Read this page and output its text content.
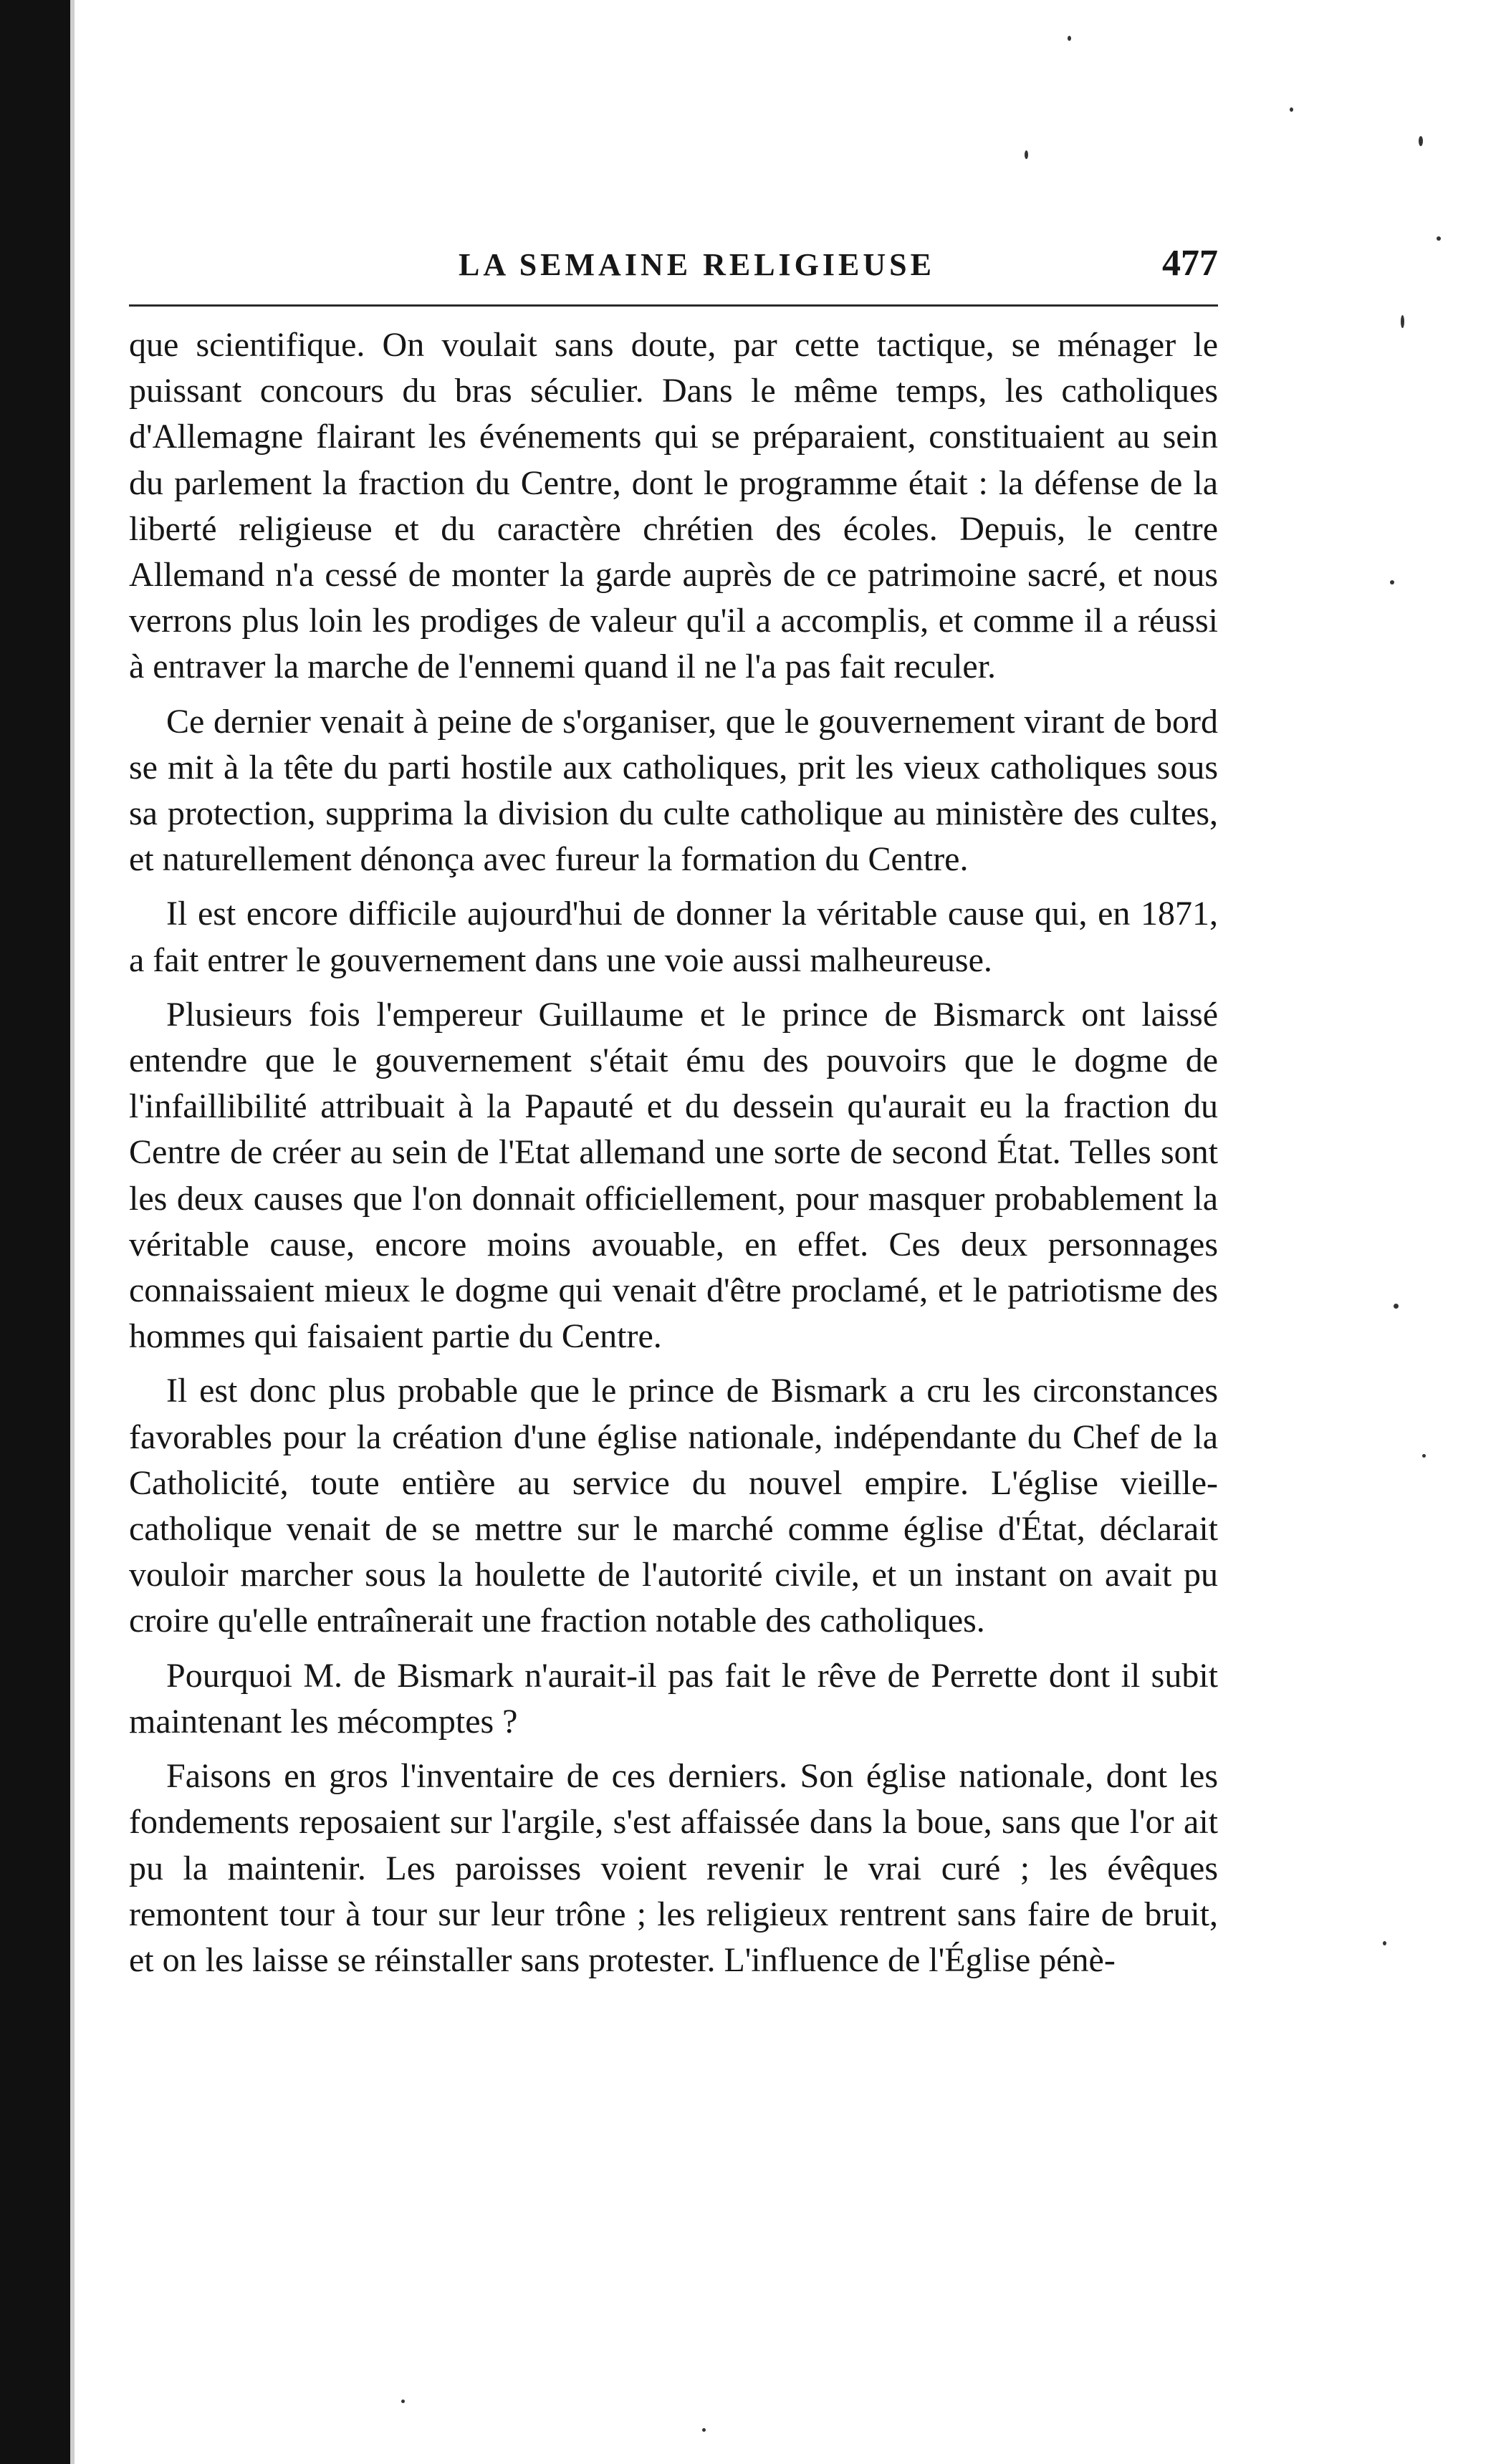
LA SEMAINE RELIGIEUSE	477

que scientifique. On voulait sans doute, par cette tactique, se ménager le puissant concours du bras séculier. Dans le même temps, les catholiques d'Allemagne flairant les événements qui se préparaient, constituaient au sein du parlement la fraction du Centre, dont le programme était : la défense de la liberté religieuse et du caractère chrétien des écoles. Depuis, le centre Allemand n'a cessé de monter la garde auprès de ce patrimoine sacré, et nous verrons plus loin les prodiges de valeur qu'il a accomplis, et comme il a réussi à entraver la marche de l'ennemi quand il ne l'a pas fait reculer.

Ce dernier venait à peine de s'organiser, que le gouvernement virant de bord se mit à la tête du parti hostile aux catholiques, prit les vieux catholiques sous sa protection, supprima la division du culte catholique au ministère des cultes, et naturellement dénonça avec fureur la formation du Centre.

Il est encore difficile aujourd'hui de donner la véritable cause qui, en 1871, a fait entrer le gouvernement dans une voie aussi malheureuse.

Plusieurs fois l'empereur Guillaume et le prince de Bismarck ont laissé entendre que le gouvernement s'était ému des pouvoirs que le dogme de l'infaillibilité attribuait à la Papauté et du dessein qu'aurait eu la fraction du Centre de créer au sein de l'Etat allemand une sorte de second État. Telles sont les deux causes que l'on donnait officiellement, pour masquer probablement la véritable cause, encore moins avouable, en effet. Ces deux personnages connaissaient mieux le dogme qui venait d'être proclamé, et le patriotisme des hommes qui faisaient partie du Centre.

Il est donc plus probable que le prince de Bismark a cru les circonstances favorables pour la création d'une église nationale, indépendante du Chef de la Catholicité, toute entière au service du nouvel empire. L'église vieille-catholique venait de se mettre sur le marché comme église d'État, déclarait vouloir marcher sous la houlette de l'autorité civile, et un instant on avait pu croire qu'elle entraînerait une fraction notable des catholiques.

Pourquoi M. de Bismark n'aurait-il pas fait le rêve de Perrette dont il subit maintenant les mécomptes ?

Faisons en gros l'inventaire de ces derniers. Son église nationale, dont les fondements reposaient sur l'argile, s'est affaissée dans la boue, sans que l'or ait pu la maintenir. Les paroisses voient revenir le vrai curé ; les évêques remontent tour à tour sur leur trône ; les religieux rentrent sans faire de bruit, et on les laisse se réinstaller sans protester. L'influence de l'Église pénè-
